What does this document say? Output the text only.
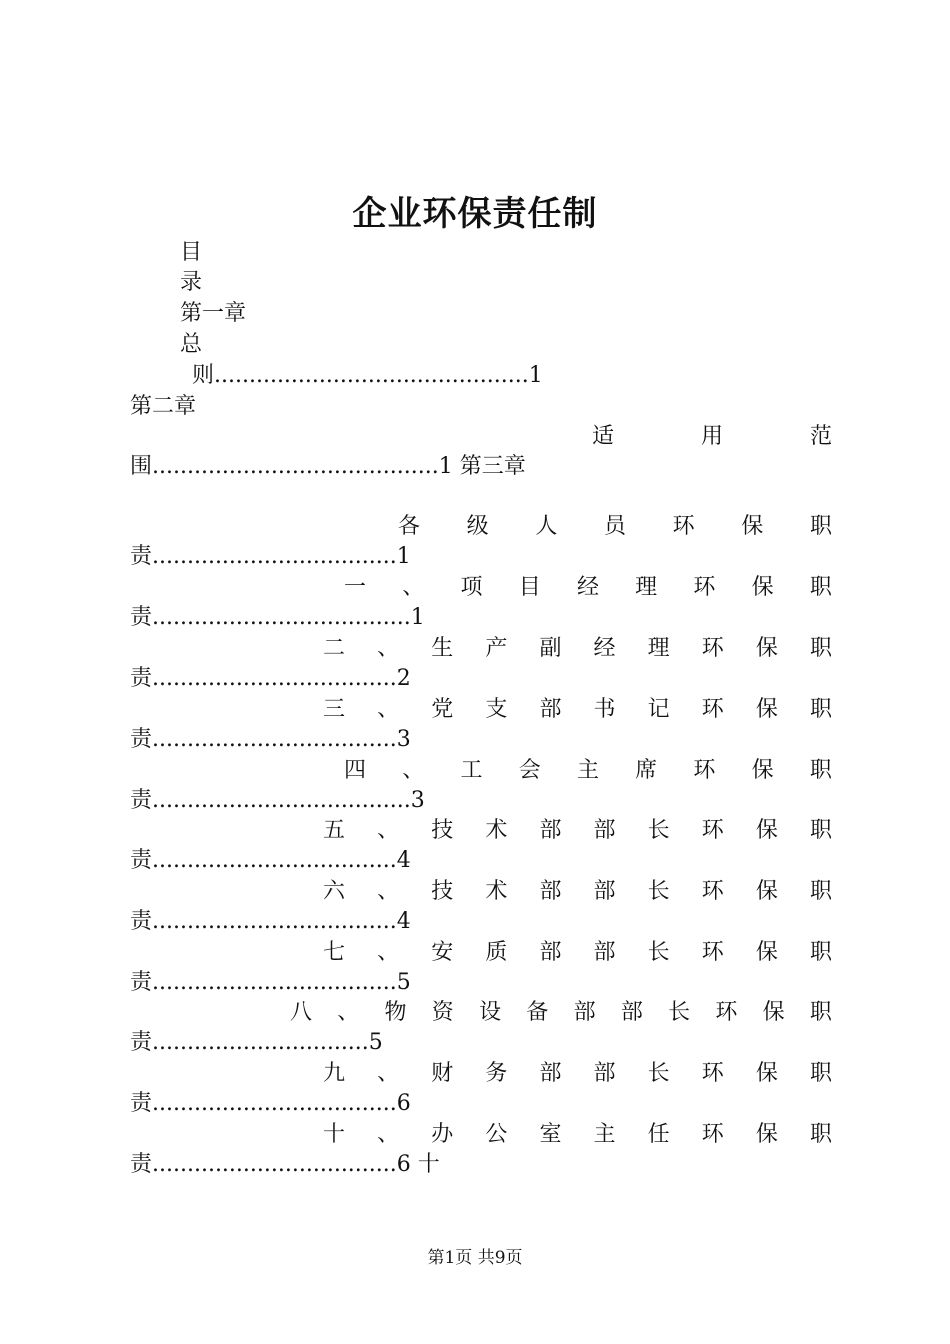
企业环保责任制
目
录
第一章
总
则.............................................1
第二章
适	用	范
围.........................................1 第三章
各 级 人 员 环 保 职
责...................................1
一 、 项 目 经 理 环 保 职
责.....................................1
二 、 生 产 副 经 理 环 保 职
责...................................2
三 、 党 支 部 书 记 环 保 职
责...................................3
四 、 工 会 主 席 环 保 职
责.....................................3
五 、 技 术 部 部 长 环 保 职
责...................................4
六 、 技 术 部 部 长 环 保 职
责...................................4
七 、 安 质 部 部 长 环 保 职
责...................................5
八 、 物 资 设 备 部 部 长 环 保 职
责...............................5
九 、 财 务 部 部 长 环 保 职
责...................................6
十 、 办 公 室 主 任 环 保 职
责...................................6 十
第1页 共9页
